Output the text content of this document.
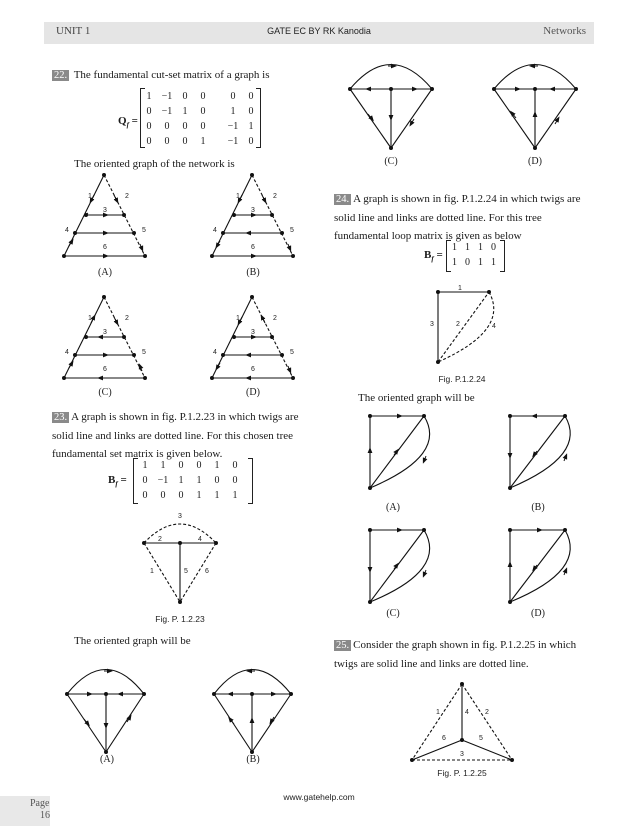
UNIT 1	GATE EC BY RK Kanodia	Networks
22. The fundamental cut-set matrix of a graph is
$Q_f$ =
1	−1	0	0	0	0
0	−1	1	0	1	0
0	0	0	0	−1	1
0	0	0	1	−1	0
The oriented graph of the network is
1	2
3
4	5
6
1	2
3
4	5
6
1	2
3
4	5
6
1	2
3
4	5
6
(A)	(B)
(C)	(D)
23. A graph is shown in fig. P.1.2.23 in which twigs are
solid line and links are dotted line. For this chosen tree
fundamental set matrix is given below.
$B_f$ =
1	1	0	0	1	0
0	−1	1	1	0	0
0	0	0	1	1	1
3
2	4
1	5 6
1
3	2	4
1	4 2
6	5
3
Fig. P. 1.2.23
The oriented graph will be
(A)	(B)
(C)	(D)
24. A graph is shown in fig. P.1.2.24 in which twigs are
solid line and links are dotted line. For this tree
fundamental loop matrix is given as below
$B_f$ =
1 1 1 0
1 0 1 1
Fig. P.1.2.24
The oriented graph will be
(A)	(B)
(C)	(D)
25. Consider the graph shown in fig. P.1.2.25 in which
twigs are solid line and links are dotted line.
Fig. P. 1.2.25
www.gatehelp.com
Page
16
